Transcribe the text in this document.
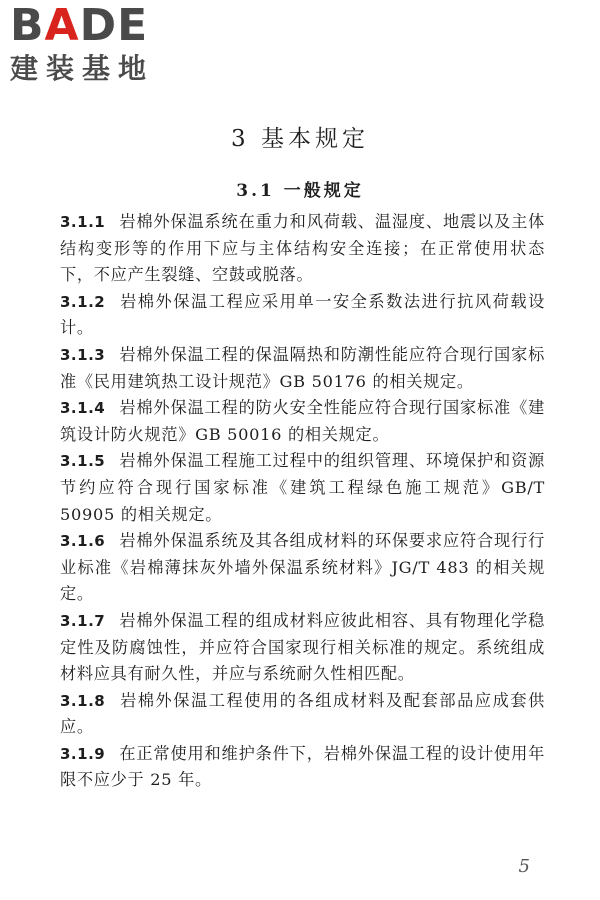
BADE
建装基地
3 基本规定
3.1 一般规定

3.1.1 岩棉外保温系统在重力和风荷载、温湿度、地震以及主体结构变形等的作用下应与主体结构安全连接；在正常使用状态下，不应产生裂缝、空鼓或脱落。

3.1.2 岩棉外保温工程应采用单一安全系数法进行抗风荷载设计。

3.1.3 岩棉外保温工程的保温隔热和防潮性能应符合现行国家标准《民用建筑热工设计规范》GB 50176 的相关规定。

3.1.4 岩棉外保温工程的防火安全性能应符合现行国家标准《建筑设计防火规范》GB 50016 的相关规定。

3.1.5 岩棉外保温工程施工过程中的组织管理、环境保护和资源节约应符合现行国家标准《建筑工程绿色施工规范》GB/T 50905 的相关规定。

3.1.6 岩棉外保温系统及其各组成材料的环保要求应符合现行行业标准《岩棉薄抹灰外墙外保温系统材料》JG/T 483 的相关规定。

3.1.7 岩棉外保温工程的组成材料应彼此相容、具有物理化学稳定性及防腐蚀性，并应符合国家现行相关标准的规定。系统组成材料应具有耐久性，并应与系统耐久性相匹配。

3.1.8 岩棉外保温工程使用的各组成材料及配套部品应成套供应。

3.1.9 在正常使用和维护条件下，岩棉外保温工程的设计使用年限不应少于 25 年。

5
